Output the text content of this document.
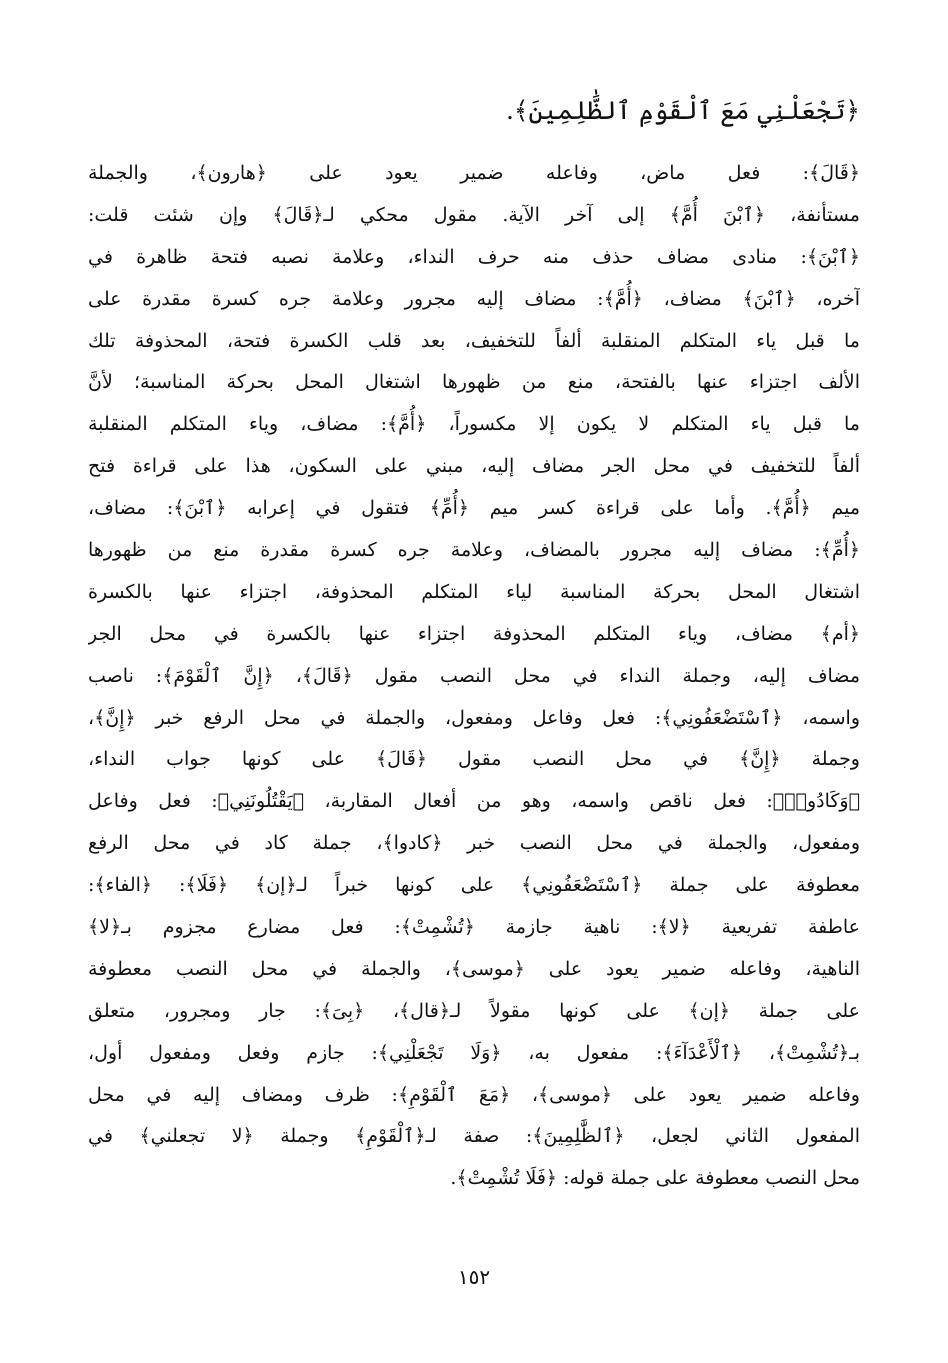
﴿تَجْعَلْنِي مَعَ ٱلْقَوْمِ ٱلظَّٰلِمِينَ﴾.
﴿قَالَ﴾: فعل ماض، وفاعله ضمير يعود على ﴿هارون﴾، والجملة
مستأنفة، ﴿ٱبْنَ أُمَّ﴾ إلى آخر الآية. مقول محكي لـ﴿قَالَ﴾ وإن شئت قلت:
﴿ٱبْنَ﴾: منادى مضاف حذف منه حرف النداء، وعلامة نصبه فتحة ظاهرة في
آخره، ﴿ٱبْنَ﴾ مضاف، ﴿أُمَّ﴾: مضاف إليه مجرور وعلامة جره كسرة مقدرة على
ما قبل ياء المتكلم المنقلبة ألفاً للتخفيف، بعد قلب الكسرة فتحة، المحذوفة تلك
الألف اجتزاء عنها بالفتحة، منع من ظهورها اشتغال المحل بحركة المناسبة؛ لأنَّ
ما قبل ياء المتكلم لا يكون إلا مكسوراً، ﴿أُمَّ﴾: مضاف، وياء المتكلم المنقلبة
ألفاً للتخفيف في محل الجر مضاف إليه، مبني على السكون، هذا على قراءة فتح
ميم ﴿أُمَّ﴾. وأما على قراءة كسر ميم ﴿أُمِّ﴾ فتقول في إعرابه ﴿ٱبْنَ﴾: مضاف،
﴿أُمِّ﴾: مضاف إليه مجرور بالمضاف، وعلامة جره كسرة مقدرة منع من ظهورها
اشتغال المحل بحركة المناسبة لياء المتكلم المحذوفة، اجتزاء عنها بالكسرة
﴿أم﴾ مضاف، وياء المتكلم المحذوفة اجتزاء عنها بالكسرة في محل الجر
مضاف إليه، وجملة النداء في محل النصب مقول ﴿قَالَ﴾، ﴿إِنَّ ٱلْقَوْمَ﴾: ناصب
واسمه، ﴿ٱسْتَضْعَفُونِي﴾: فعل وفاعل ومفعول، والجملة في محل الرفع خبر ﴿إِنَّ﴾،
وجملة ﴿إِنَّ﴾ في محل النصب مقول ﴿قَالَ﴾ على كونها جواب النداء،
﴿وَكَادُوا۟﴾: فعل ناقص واسمه، وهو من أفعال المقاربة، ﴿يَقْتُلُونَنِي﴾: فعل وفاعل
ومفعول، والجملة في محل النصب خبر ﴿كادوا﴾، جملة كاد في محل الرفع
معطوفة على جملة ﴿ٱسْتَضْعَفُونِي﴾ على كونها خبراً لـ﴿إن﴾ ﴿فَلَا﴾: ﴿الفاء﴾:
عاطفة تفريعية ﴿لا﴾: ناهية جازمة ﴿تُشْمِتْ﴾: فعل مضارع مجزوم بـ﴿لا﴾
الناهية، وفاعله ضمير يعود على ﴿موسى﴾، والجملة في محل النصب معطوفة
على جملة ﴿إن﴾ على كونها مقولاً لـ﴿قال﴾، ﴿بِىَ﴾: جار ومجرور، متعلق
بـ﴿تُشْمِتْ﴾، ﴿ٱلْأَعْدَآءَ﴾: مفعول به، ﴿وَلَا تَجْعَلْنِي﴾: جازم وفعل ومفعول أول،
وفاعله ضمير يعود على ﴿موسى﴾، ﴿مَعَ ٱلْقَوْمِ﴾: ظرف ومضاف إليه في محل
المفعول الثاني لجعل، ﴿ٱلظَّٰلِمِينَ﴾: صفة لـ﴿ٱلْقَوْمِ﴾ وجملة ﴿لا تجعلني﴾ في
محل النصب معطوفة على جملة قوله: ﴿فَلَا تُشْمِتْ﴾.
١٥٢
